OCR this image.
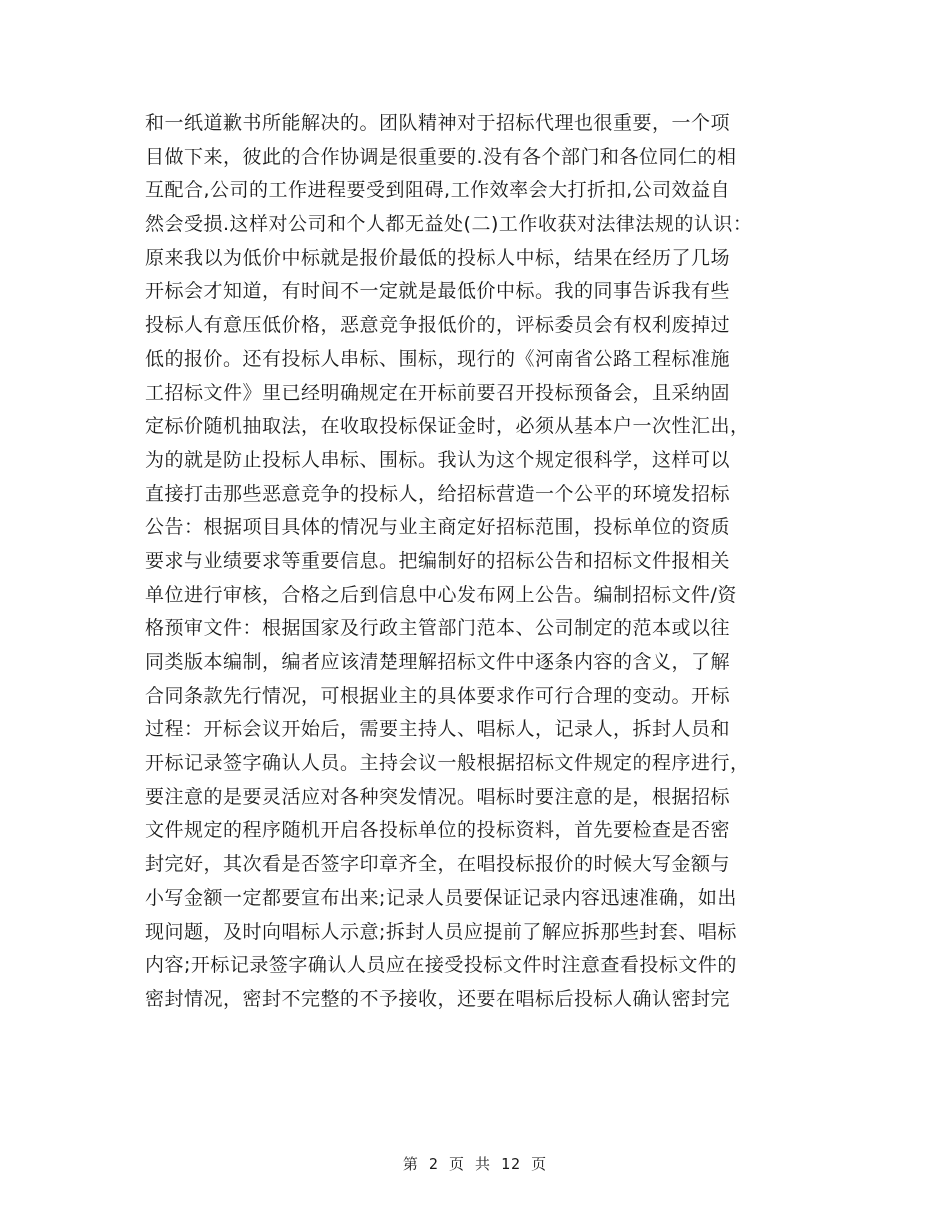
和一纸道歉书所能解决的。团队精神对于招标代理也很重要，一个项
目做下来，彼此的合作协调是很重要的.没有各个部门和各位同仁的相
互配合,公司的工作进程要受到阻碍,工作效率会大打折扣,公司效益自
然会受损.这样对公司和个人都无益处(二)工作收获对法律法规的认识：
原来我以为低价中标就是报价最低的投标人中标，结果在经历了几场
开标会才知道，有时间不一定就是最低价中标。我的同事告诉我有些
投标人有意压低价格，恶意竞争报低价的，评标委员会有权利废掉过
低的报价。还有投标人串标、围标，现行的《河南省公路工程标准施
工招标文件》里已经明确规定在开标前要召开投标预备会，且采纳固
定标价随机抽取法，在收取投标保证金时，必须从基本户一次性汇出，
为的就是防止投标人串标、围标。我认为这个规定很科学，这样可以
直接打击那些恶意竞争的投标人，给招标营造一个公平的环境发招标
公告：根据项目具体的情况与业主商定好招标范围，投标单位的资质
要求与业绩要求等重要信息。把编制好的招标公告和招标文件报相关
单位进行审核，合格之后到信息中心发布网上公告。编制招标文件/资
格预审文件：根据国家及行政主管部门范本、公司制定的范本或以往
同类版本编制，编者应该清楚理解招标文件中逐条内容的含义，了解
合同条款先行情况，可根据业主的具体要求作可行合理的变动。开标
过程：开标会议开始后，需要主持人、唱标人，记录人，拆封人员和
开标记录签字确认人员。主持会议一般根据招标文件规定的程序进行，
要注意的是要灵活应对各种突发情况。唱标时要注意的是，根据招标
文件规定的程序随机开启各投标单位的投标资料，首先要检查是否密
封完好，其次看是否签字印章齐全，在唱投标报价的时候大写金额与
小写金额一定都要宣布出来;记录人员要保证记录内容迅速准确，如出
现问题，及时向唱标人示意;拆封人员应提前了解应拆那些封套、唱标
内容;开标记录签字确认人员应在接受投标文件时注意查看投标文件的
密封情况，密封不完整的不予接收，还要在唱标后投标人确认密封完
第 2 页 共 12 页
